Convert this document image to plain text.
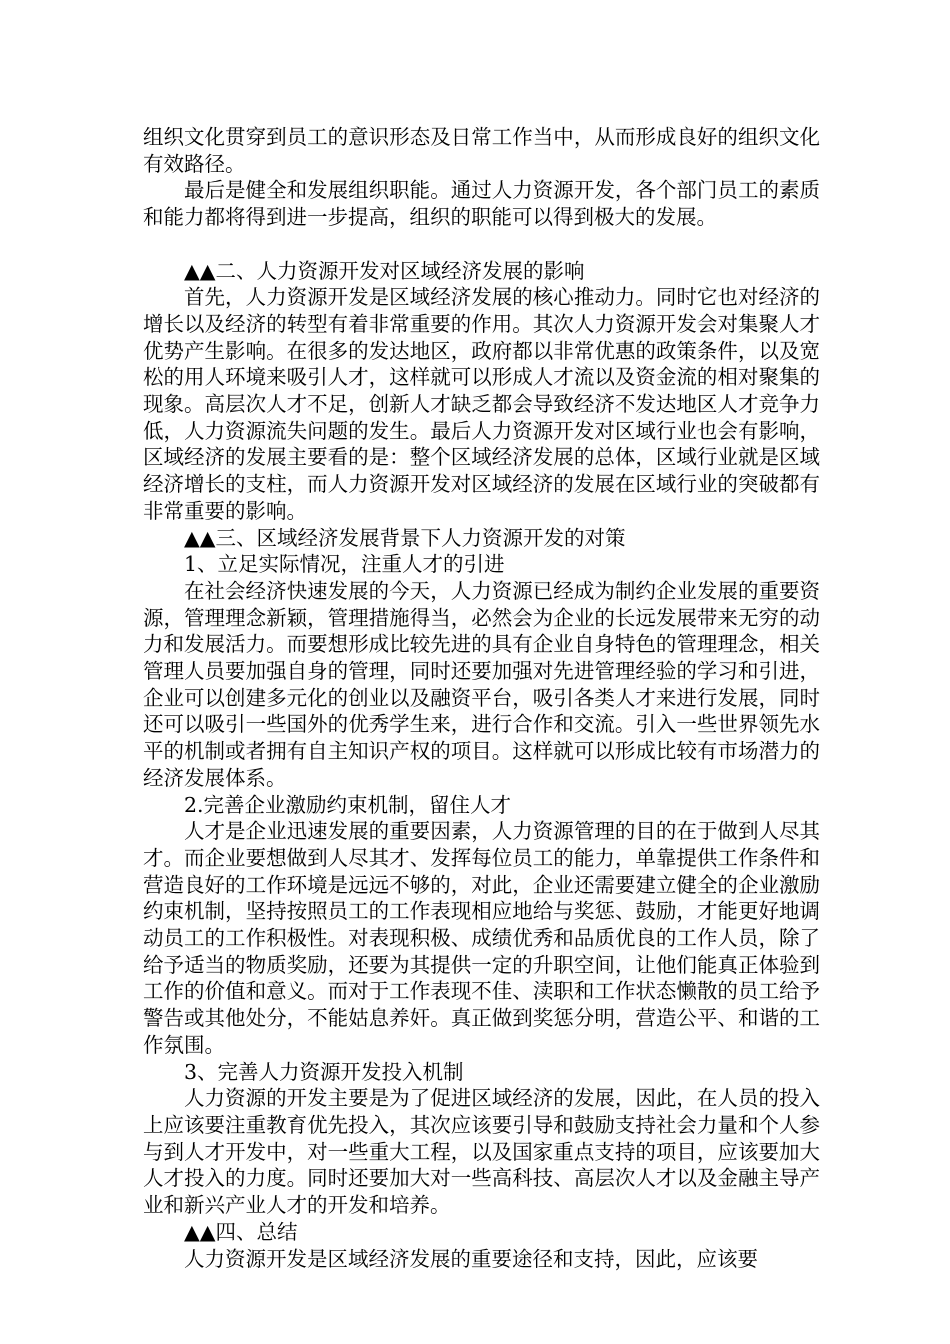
组织文化贯穿到员工的意识形态及日常工作当中，从而形成良好的组织文化有效路径。

最后是健全和发展组织职能。通过人力资源开发，各个部门员工的素质和能力都将得到进一步提高，组织的职能可以得到极大的发展。

▲▲二、人力资源开发对区域经济发展的影响

首先，人力资源开发是区域经济发展的核心推动力。同时它也对经济的增长以及经济的转型有着非常重要的作用。其次人力资源开发会对集聚人才优势产生影响。在很多的发达地区，政府都以非常优惠的政策条件，以及宽松的用人环境来吸引人才，这样就可以形成人才流以及资金流的相对聚集的现象。高层次人才不足，创新人才缺乏都会导致经济不发达地区人才竞争力低，人力资源流失问题的发生。最后人力资源开发对区域行业也会有影响，区域经济的发展主要看的是：整个区域经济发展的总体，区域行业就是区域经济增长的支柱，而人力资源开发对区域经济的发展在区域行业的突破都有非常重要的影响。

▲▲三、区域经济发展背景下人力资源开发的对策

1、立足实际情况，注重人才的引进

在社会经济快速发展的今天，人力资源已经成为制约企业发展的重要资源，管理理念新颖，管理措施得当，必然会为企业的长远发展带来无穷的动力和发展活力。而要想形成比较先进的具有企业自身特色的管理理念，相关管理人员要加强自身的管理，同时还要加强对先进管理经验的学习和引进，企业可以创建多元化的创业以及融资平台，吸引各类人才来进行发展，同时还可以吸引一些国外的优秀学生来，进行合作和交流。引入一些世界领先水平的机制或者拥有自主知识产权的项目。这样就可以形成比较有市场潜力的经济发展体系。

2.完善企业激励约束机制，留住人才

人才是企业迅速发展的重要因素，人力资源管理的目的在于做到人尽其才。而企业要想做到人尽其才、发挥每位员工的能力，单靠提供工作条件和营造良好的工作环境是远远不够的，对此，企业还需要建立健全的企业激励约束机制，坚持按照员工的工作表现相应地给与奖惩、鼓励，才能更好地调动员工的工作积极性。对表现积极、成绩优秀和品质优良的工作人员，除了给予适当的物质奖励，还要为其提供一定的升职空间，让他们能真正体验到工作的价值和意义。而对于工作表现不佳、渎职和工作状态懒散的员工给予警告或其他处分，不能姑息养奸。真正做到奖惩分明，营造公平、和谐的工作氛围。

3、完善人力资源开发投入机制

人力资源的开发主要是为了促进区域经济的发展，因此，在人员的投入上应该要注重教育优先投入，其次应该要引导和鼓励支持社会力量和个人参与到人才开发中，对一些重大工程，以及国家重点支持的项目，应该要加大人才投入的力度。同时还要加大对一些高科技、高层次人才以及金融主导产业和新兴产业人才的开发和培养。

▲▲四、总结

人力资源开发是区域经济发展的重要途径和支持，因此，应该要
